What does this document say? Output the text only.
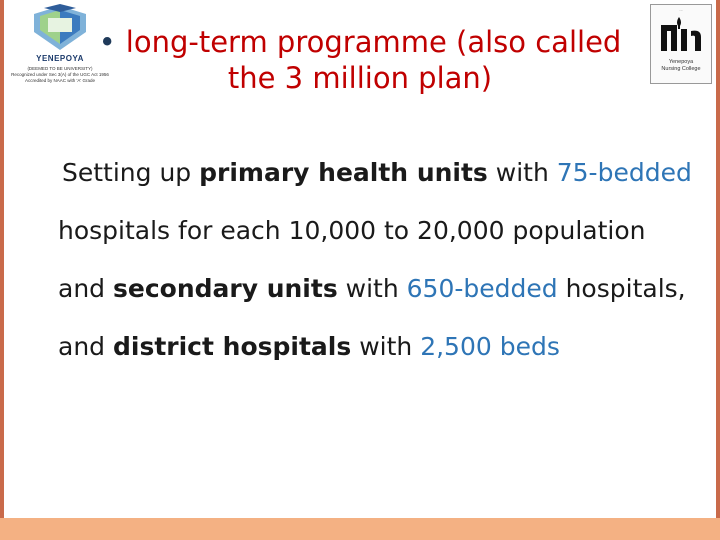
YENEPOYA
(DEEMED TO BE UNIVERSITY)
Recognized under Sec 3(A) of the UGC Act 1956
Accredited by NAAC with 'A' Grade
...
Yenepoya
Nursing College
• long-term programme (also called
the 3 million plan)
Setting up primary health units with 75-bedded
hospitals for each 10,000 to 20,000 population
and secondary units with 650-bedded hospitals,
and district hospitals with 2,500 beds
